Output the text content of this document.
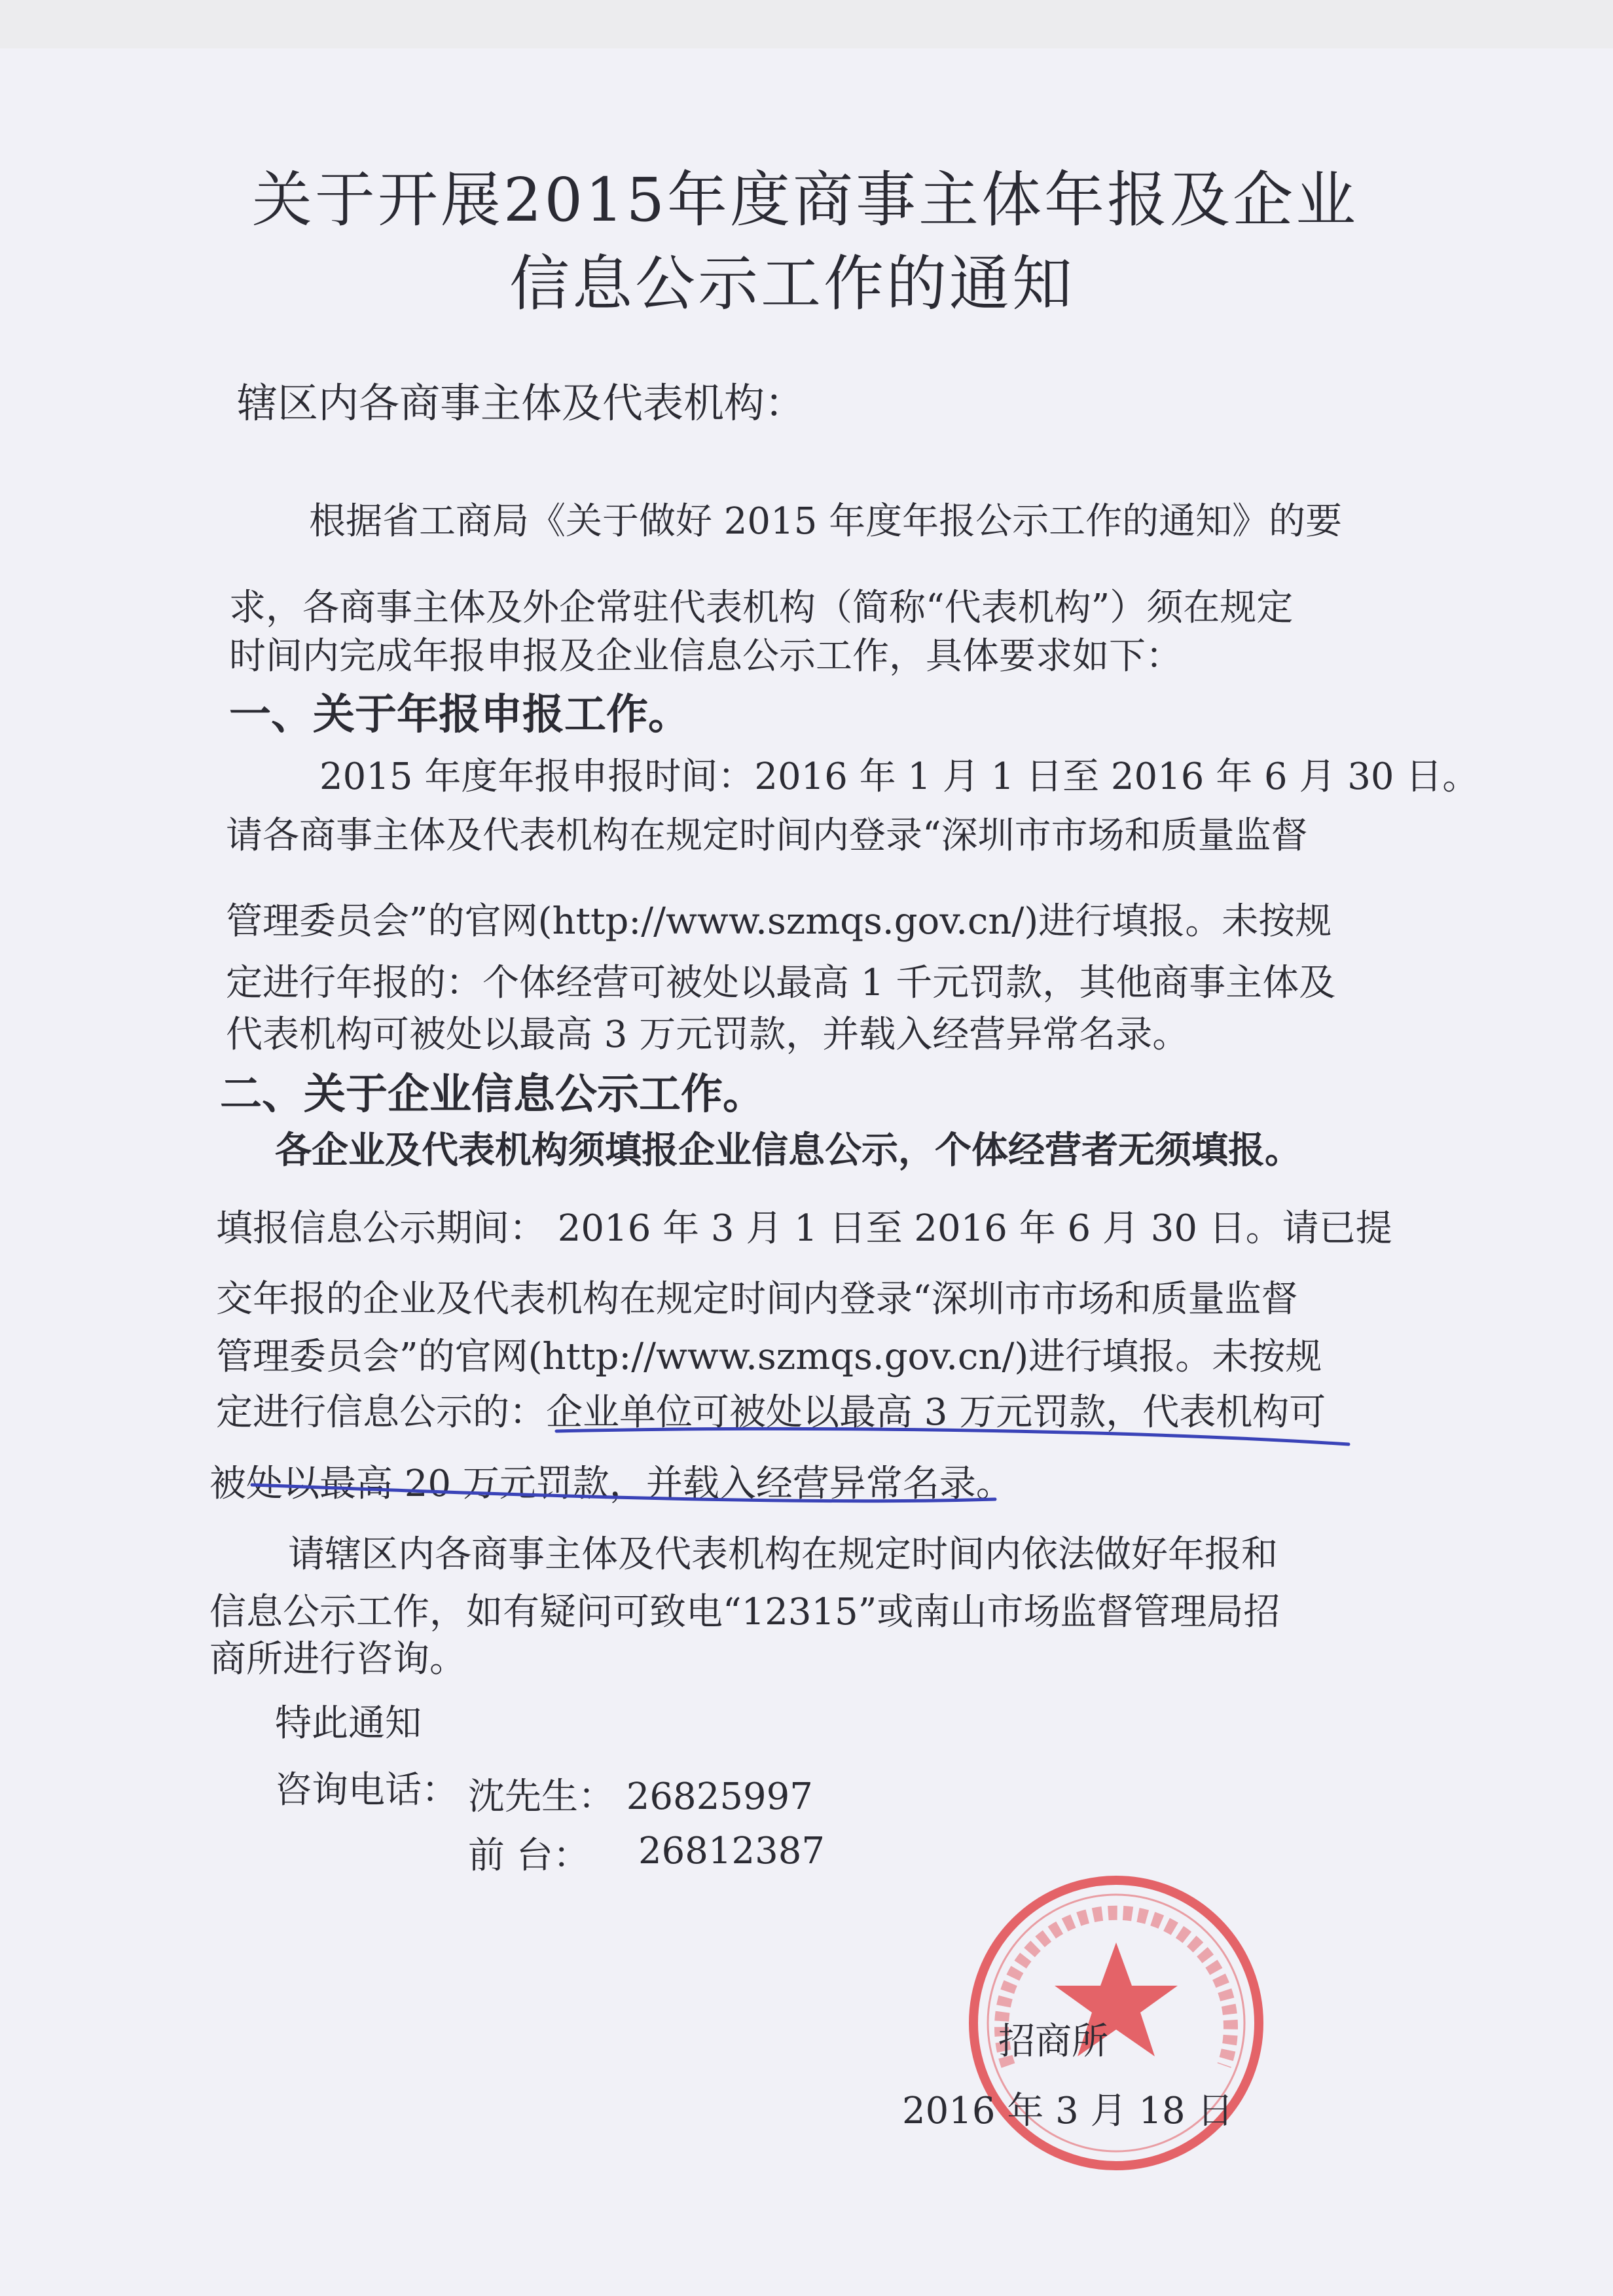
关于开展2015年度商事主体年报及企业
信息公示工作的通知
辖区内各商事主体及代表机构：
根据省工商局《关于做好 2015 年度年报公示工作的通知》的要
求，各商事主体及外企常驻代表机构（简称“代表机构”）须在规定
时间内完成年报申报及企业信息公示工作，具体要求如下：
一、关于年报申报工作。
2015 年度年报申报时间：2016 年 1 月 1 日至 2016 年 6 月 30 日。
请各商事主体及代表机构在规定时间内登录“深圳市市场和质量监督
管理委员会”的官网(http://www.szmqs.gov.cn/)进行填报。未按规
定进行年报的：个体经营可被处以最高 1 千元罚款，其他商事主体及
代表机构可被处以最高 3 万元罚款，并载入经营异常名录。
二、关于企业信息公示工作。
各企业及代表机构须填报企业信息公示，个体经营者无须填报。
填报信息公示期间： 2016 年 3 月 1 日至 2016 年 6 月 30 日。请已提
交年报的企业及代表机构在规定时间内登录“深圳市市场和质量监督
管理委员会”的官网(http://www.szmqs.gov.cn/)进行填报。未按规
定进行信息公示的：企业单位可被处以最高 3 万元罚款，代表机构可
被处以最高 20 万元罚款，并载入经营异常名录。
请辖区内各商事主体及代表机构在规定时间内依法做好年报和
信息公示工作，如有疑问可致电“12315”或南山市场监督管理局招
商所进行咨询。
特此通知
咨询电话： 沈先生： 26825997
前 台： 26812387
招商所
2016 年 3 月 18 日
